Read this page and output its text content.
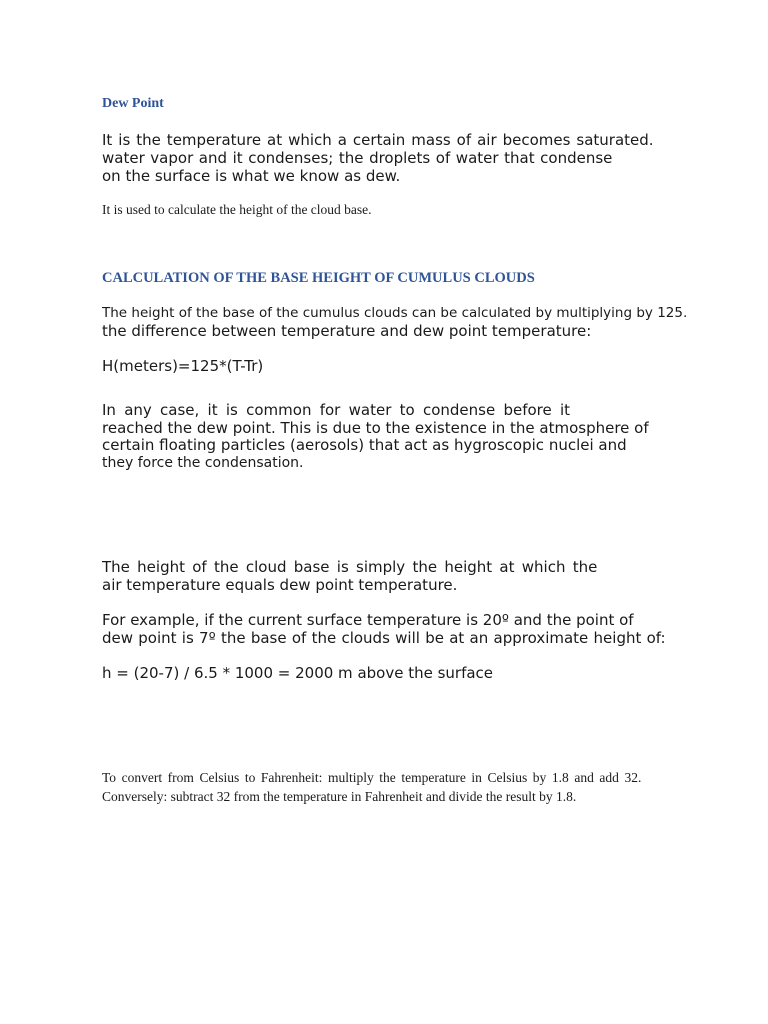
Dew Point
It is the temperature at which a certain mass of air becomes saturated.
water vapor and it condenses; the droplets of water that condense
on the surface is what we know as dew.

It is used to calculate the height of the cloud base.

CALCULATION OF THE BASE HEIGHT OF CUMULUS CLOUDS

The height of the base of the cumulus clouds can be calculated by multiplying by 125.

the difference between temperature and dew point temperature:

H(meters)=125*(T-Tr)

In any case, it is common for water to condense before it
reached the dew point. This is due to the existence in the atmosphere of
certain floating particles (aerosols) that act as hygroscopic nuclei and
they force the condensation.
The height of the cloud base is simply the height at which the
air temperature equals dew point temperature.
For example, if the current surface temperature is 20º and the point of
dew point is 7º the base of the clouds will be at an approximate height of:

h = (20-7) / 6.5 * 1000 = 2000 m above the surface

To convert from Celsius to Fahrenheit: multiply the temperature in Celsius by 1.8 and add 32.
Conversely: subtract 32 from the temperature in Fahrenheit and divide the result by 1.8.
